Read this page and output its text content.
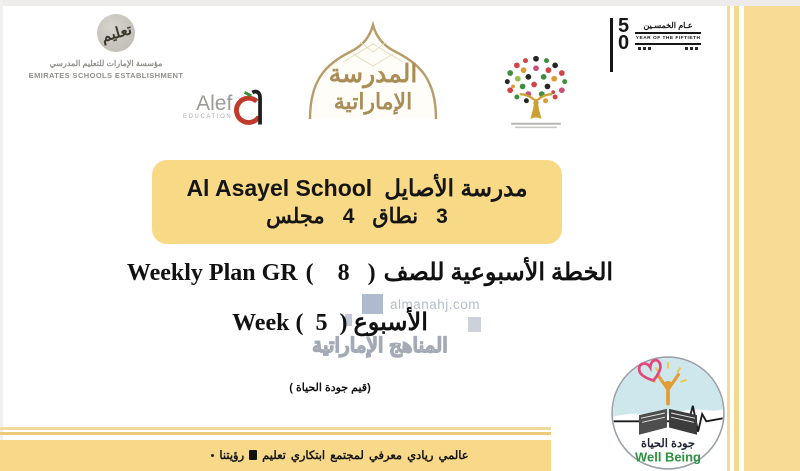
تعليم
مؤسسة الإمارات للتعليم المدرسي
EMIRATES SCHOOLS ESTABLISHMENT
Alef
EDUCATION
المدرسة
الإماراتية
5
0
عـام الخمسـين
YEAR OF THE FIFTIETH
Al Asayel School مدرسة الأصايل
مجلس 4 نطاق 3
Weekly Plan GR (    8   ) الخطة الأسبوعية للصف
almanahj.com
Week (  5  ) الأسبوع
المناهج الإماراتية
(قيم جودة الحياة )
رؤيتنا تعليم ابتكاري لمجتمع معرفي ريادي عالمي
جودة الحياة
Well Being
